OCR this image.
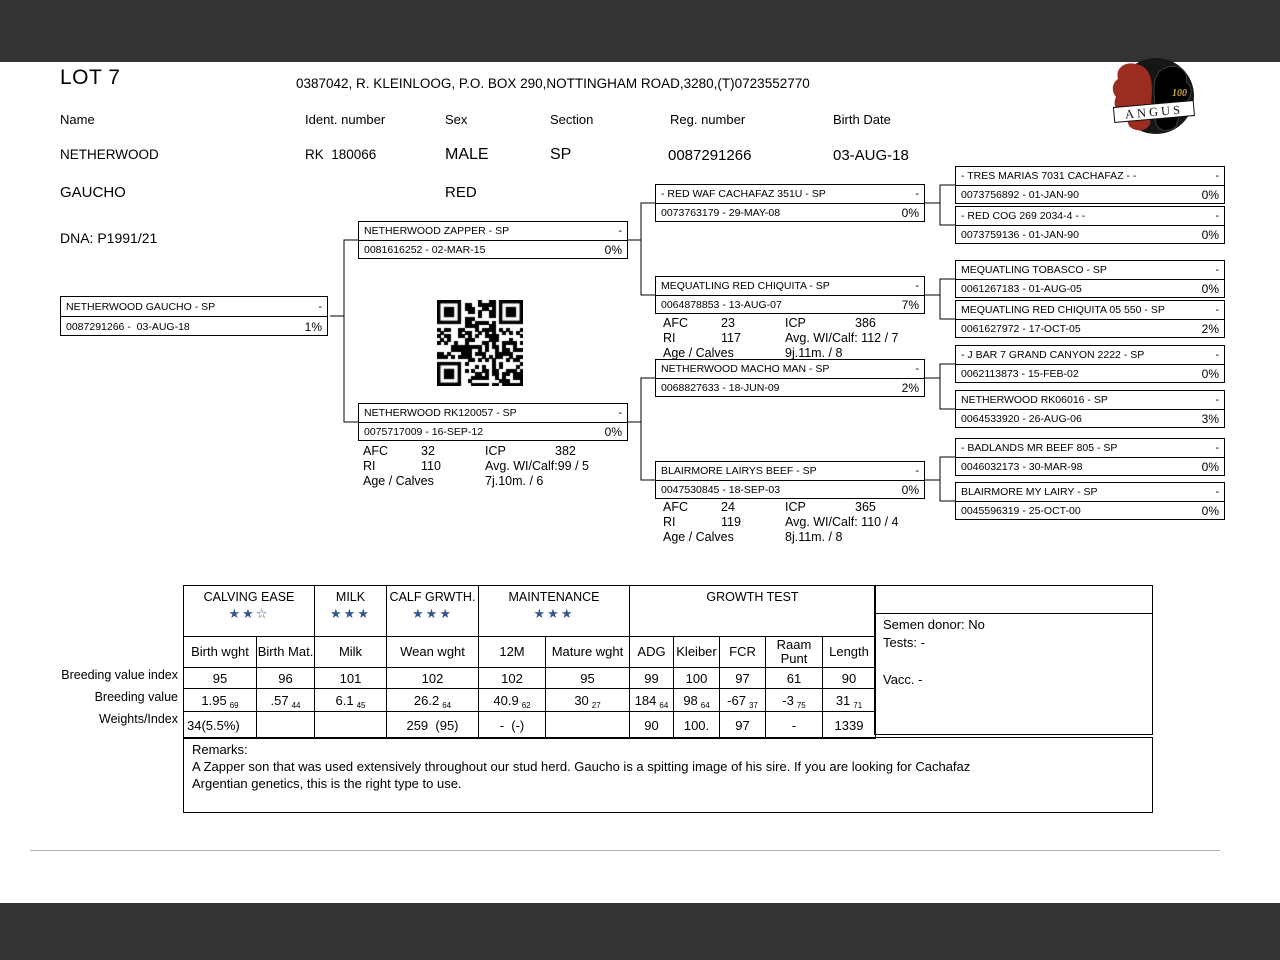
LOT 7	0387042, R. KLEINLOOG, P.O. BOX 290,NOTTINGHAM ROAD,3280,(T)0723552770
Name	Ident. number	Sex	Section	Reg. number	Birth Date
NETHERWOOD
GAUCHO
RK  180066	MALE
RED
SP	0087291266	03-AUG-18
DNA: P1991/21
100
ANGUS
NETHERWOOD GAUCHO - SP	-
0087291266 -  03-AUG-18	1%
NETHERWOOD ZAPPER - SP	-
0081616252 - 02-MAR-15	0%
NETHERWOOD RK120057 - SP	-
0075717009 - 16-SEP-12	0%
- RED WAF CACHAFAZ 351U - SP	-
0073763179 - 29-MAY-08	0%
MEQUATLING RED CHIQUITA - SP	-
0064878853 - 13-AUG-07	7%
NETHERWOOD MACHO MAN - SP	-
0068827633 - 18-JUN-09	2%
BLAIRMORE LAIRYS BEEF - SP	-
0047530845 - 18-SEP-03	0%
- TRES MARIAS 7031 CACHAFAZ - -	-
0073756892 - 01-JAN-90	0%
- RED COG 269 2034-4 - -	-
0073759136 - 01-JAN-90	0%
MEQUATLING TOBASCO - SP	-
0061267183 - 01-AUG-05	0%
MEQUATLING RED CHIQUITA 05 550 - SP	-
0061627972 - 17-OCT-05	2%
- J BAR 7 GRAND CANYON 2222 - SP	-
0062113873 - 15-FEB-02	0%
NETHERWOOD RK06016 - SP	-
0064533920 - 26-AUG-06	3%
- BADLANDS MR BEEF 805 - SP	-
0046032173 - 30-MAR-98	0%
BLAIRMORE MY LAIRY - SP	-
0045596319 - 25-OCT-00	0%
AFC	32	ICP	382
RI	110	Avg. WI/Calf:99 / 5
Age / Calves	7j.10m. / 6
AFC	23	ICP	386
RI	117	Avg. WI/Calf: 112 / 7
Age / Calves	9j.11m. / 8
AFC	24	ICP	365
RI	119	Avg. WI/Calf: 110 / 4
Age / Calves	8j.11m. / 8
CALVING EASE
★★☆

MILK
★★★

CALF GRWTH.
★★★

MAINTENANCE
★★★

GROWTH TEST

Birth wght	Birth Mat.	Milk	Wean wght	12M	Mature wght	ADG	Kleiber	FCR	Raam Punt	Length
95	96	101	102	102	95	99	100	97	61	90
1.95 $_{69}$	.57 $_{44}$	6.1 $_{45}$	26.2 $_{64}$	40.9 $_{62}$	30 $_{27}$	184 $_{64}$	98 $_{64}$	-67 $_{37}$	-3 $_{75}$	31 $_{71}$
34(5.5%)			259  (95)	-  (-)		90	100.	97	-	1339
Breeding value index
Breeding value
Weights/Index
Semen donor: No
Tests: -
Vacc. -
Remarks:
A Zapper son that was used extensively throughout our stud herd. Gaucho is a spitting image of his sire. If you are looking for Cachafaz Argentian genetics, this is the right type to use.
